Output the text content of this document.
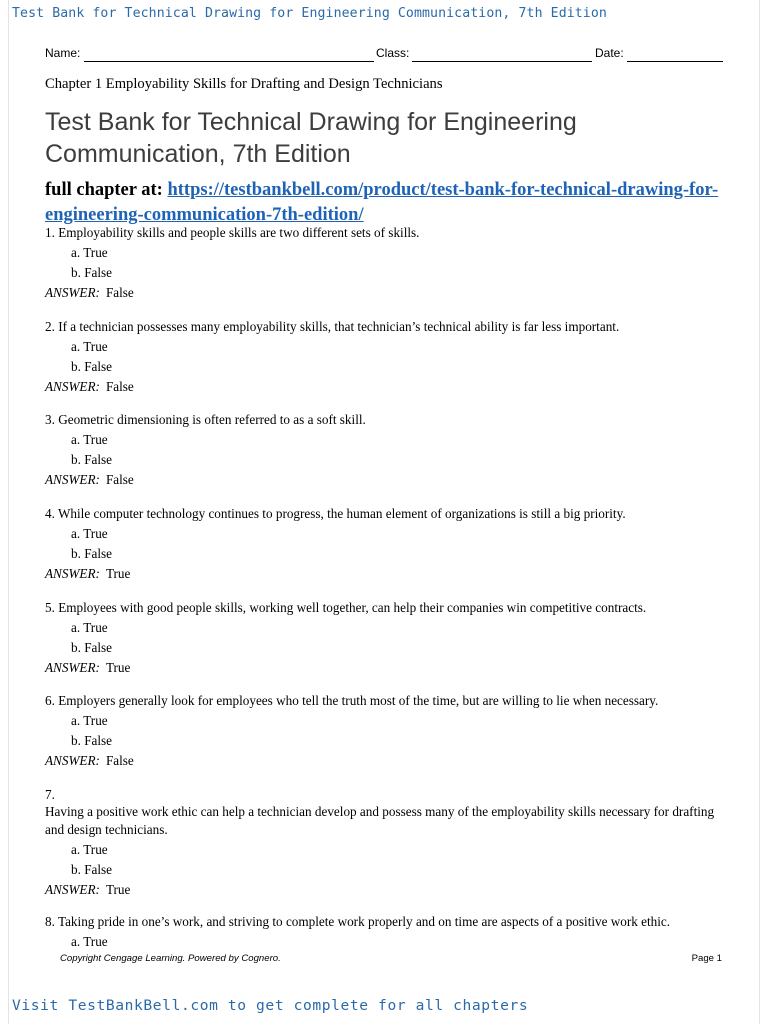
Test Bank for Technical Drawing for Engineering Communication, 7th Edition
Name:	Class:	Date:
Chapter 1 Employability Skills for Drafting and Design Technicians
Test Bank for Technical Drawing for Engineering Communication, 7th Edition
full chapter at: https://testbankbell.com/product/test-bank-for-technical-drawing-for-engineering-communication-7th-edition/
1. Employability skills and people skills are two different sets of skills.
a. True
b. False
ANSWER: False
2. If a technician possesses many employability skills, that technician’s technical ability is far less important.
a. True
b. False
ANSWER: False
3. Geometric dimensioning is often referred to as a soft skill.
a. True
b. False
ANSWER: False
4. While computer technology continues to progress, the human element of organizations is still a big priority.
a. True
b. False
ANSWER: True
5. Employees with good people skills, working well together, can help their companies win competitive contracts.
a. True
b. False
ANSWER: True
6. Employers generally look for employees who tell the truth most of the time, but are willing to lie when necessary.
a. True
b. False
ANSWER: False
7.
Having a positive work ethic can help a technician develop and possess many of the employability skills necessary for drafting and design technicians.
a. True
b. False
ANSWER: True
8. Taking pride in one’s work, and striving to complete work properly and on time are aspects of a positive work ethic.
a. True
Copyright Cengage Learning. Powered by Cognero.	Page 1
Visit TestBankBell.com to get complete for all chapters
